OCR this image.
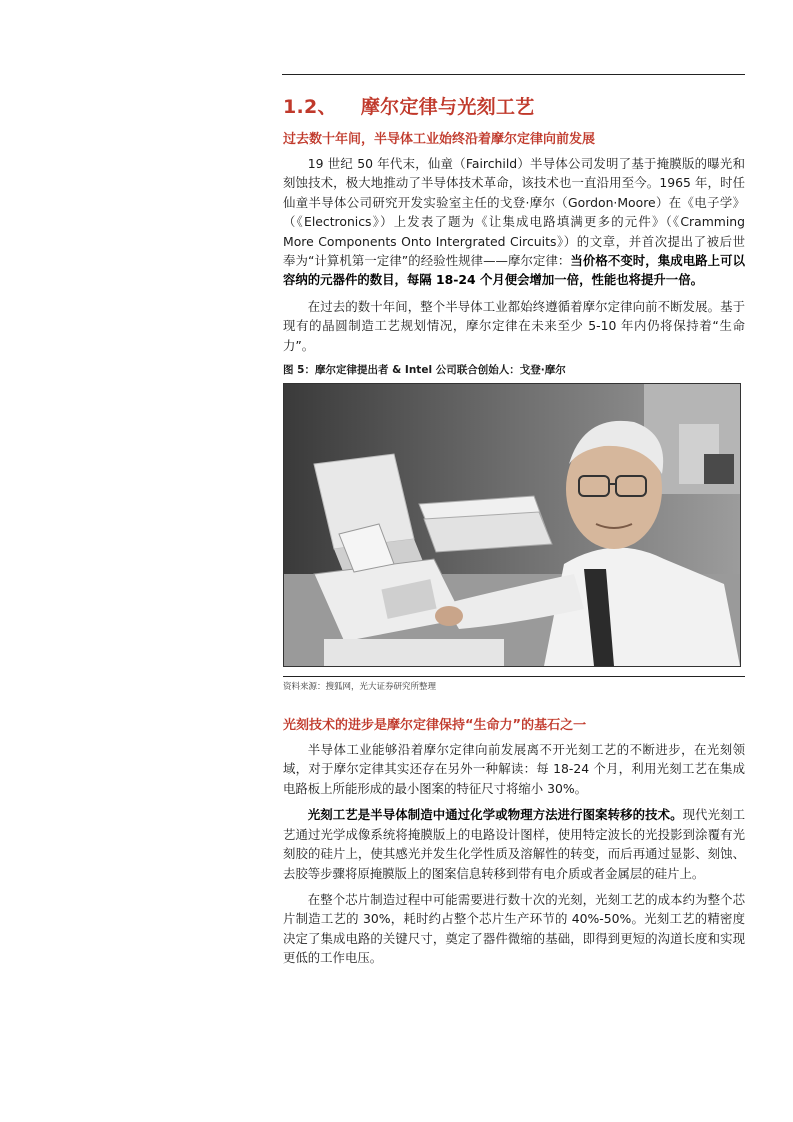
1.2、 摩尔定律与光刻工艺
过去数十年间，半导体工业始终沿着摩尔定律向前发展

19 世纪 50 年代末，仙童（Fairchild）半导体公司发明了基于掩膜版的曝光和刻蚀技术，极大地推动了半导体技术革命，该技术也一直沿用至今。1965 年，时任仙童半导体公司研究开发实验室主任的戈登·摩尔（Gordon·Moore）在《电子学》（《Electronics》）上发表了题为《让集成电路填满更多的元件》（《Cramming More Components Onto Intergrated Circuits》）的文章，并首次提出了被后世奉为“计算机第一定律”的经验性规律——摩尔定律：当价格不变时，集成电路上可以容纳的元器件的数目，每隔 18-24 个月便会增加一倍，性能也将提升一倍。

在过去的数十年间，整个半导体工业都始终遵循着摩尔定律向前不断发展。基于现有的晶圆制造工艺规划情况，摩尔定律在未来至少 5-10 年内仍将保持着“生命力”。

图 5：摩尔定律提出者 & Intel 公司联合创始人：戈登·摩尔
资料来源：搜狐网，光大证券研究所整理
光刻技术的进步是摩尔定律保持“生命力”的基石之一

半导体工业能够沿着摩尔定律向前发展离不开光刻工艺的不断进步，在光刻领域，对于摩尔定律其实还存在另外一种解读：每 18-24 个月，利用光刻工艺在集成电路板上所能形成的最小图案的特征尺寸将缩小 30%。

光刻工艺是半导体制造中通过化学或物理方法进行图案转移的技术。现代光刻工艺通过光学成像系统将掩膜版上的电路设计图样，使用特定波长的光投影到涂覆有光刻胶的硅片上，使其感光并发生化学性质及溶解性的转变，而后再通过显影、刻蚀、去胶等步骤将原掩膜版上的图案信息转移到带有电介质或者金属层的硅片上。

在整个芯片制造过程中可能需要进行数十次的光刻，光刻工艺的成本约为整个芯片制造工艺的 30%，耗时约占整个芯片生产环节的 40%-50%。光刻工艺的精密度决定了集成电路的关键尺寸，奠定了器件微缩的基础，即得到更短的沟道长度和实现更低的工作电压。
